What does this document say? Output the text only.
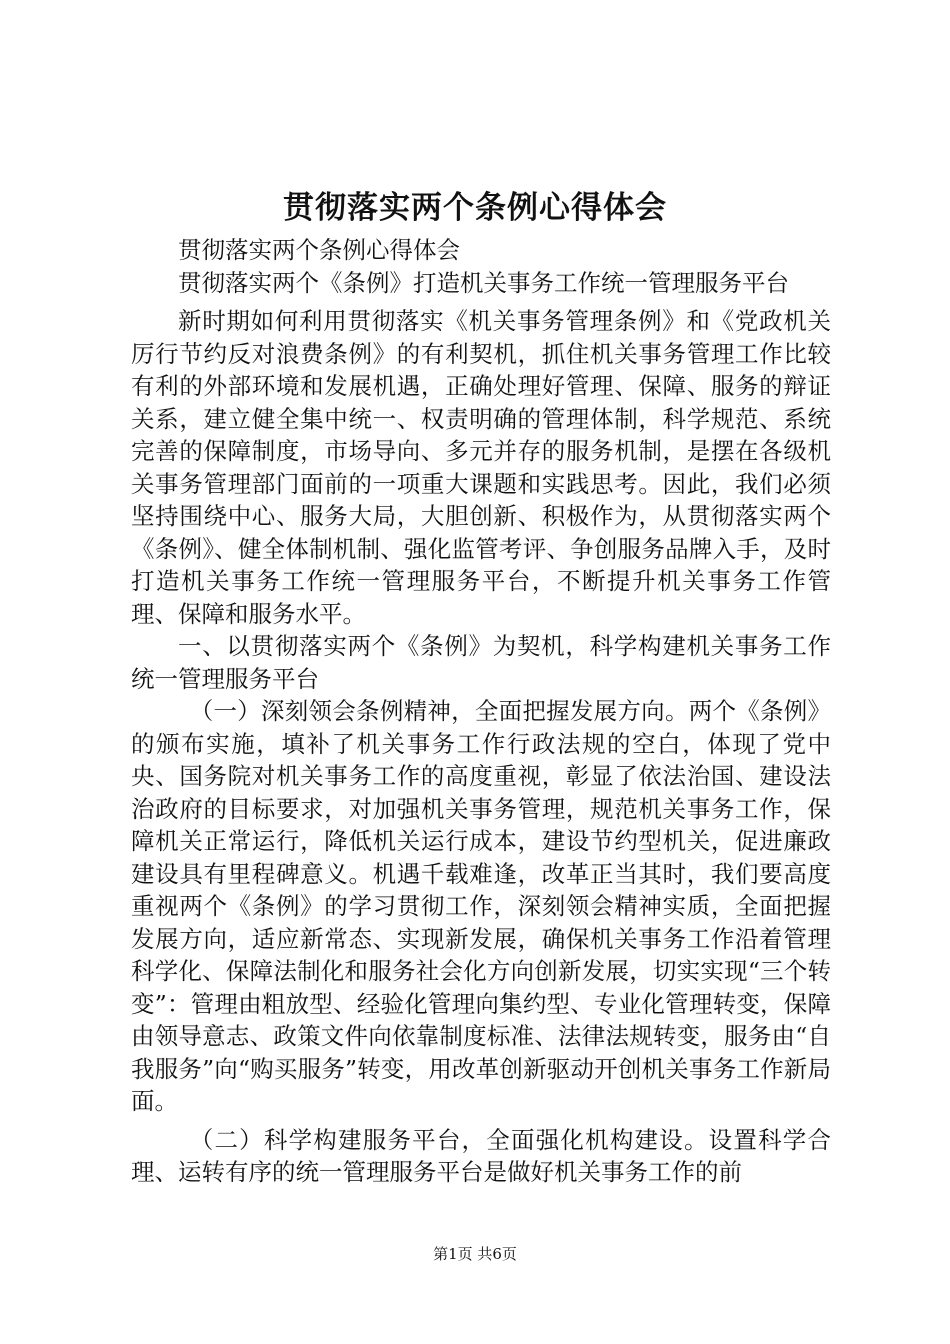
贯彻落实两个条例心得体会

贯彻落实两个条例心得体会

贯彻落实两个《条例》打造机关事务工作统一管理服务平台

新时期如何利用贯彻落实《机关事务管理条例》和《党政机关厉行节约反对浪费条例》的有利契机，抓住机关事务管理工作比较有利的外部环境和发展机遇，正确处理好管理、保障、服务的辩证关系，建立健全集中统一、权责明确的管理体制，科学规范、系统完善的保障制度，市场导向、多元并存的服务机制，是摆在各级机关事务管理部门面前的一项重大课题和实践思考。因此，我们必须坚持围绕中心、服务大局，大胆创新、积极作为，从贯彻落实两个《条例》、健全体制机制、强化监管考评、争创服务品牌入手，及时打造机关事务工作统一管理服务平台，不断提升机关事务工作管理、保障和服务水平。

一、以贯彻落实两个《条例》为契机，科学构建机关事务工作统一管理服务平台

（一）深刻领会条例精神，全面把握发展方向。两个《条例》的颁布实施，填补了机关事务工作行政法规的空白，体现了党中央、国务院对机关事务工作的高度重视，彰显了依法治国、建设法治政府的目标要求，对加强机关事务管理，规范机关事务工作，保障机关正常运行，降低机关运行成本，建设节约型机关，促进廉政建设具有里程碑意义。机遇千载难逢，改革正当其时，我们要高度重视两个《条例》的学习贯彻工作，深刻领会精神实质，全面把握发展方向，适应新常态、实现新发展，确保机关事务工作沿着管理科学化、保障法制化和服务社会化方向创新发展，切实实现“三个转变”：管理由粗放型、经验化管理向集约型、专业化管理转变，保障由领导意志、政策文件向依靠制度标准、法律法规转变，服务由“自我服务”向“购买服务”转变，用改革创新驱动开创机关事务工作新局面。

（二）科学构建服务平台，全面强化机构建设。设置科学合理、运转有序的统一管理服务平台是做好机关事务工作的前

第1页 共6页
